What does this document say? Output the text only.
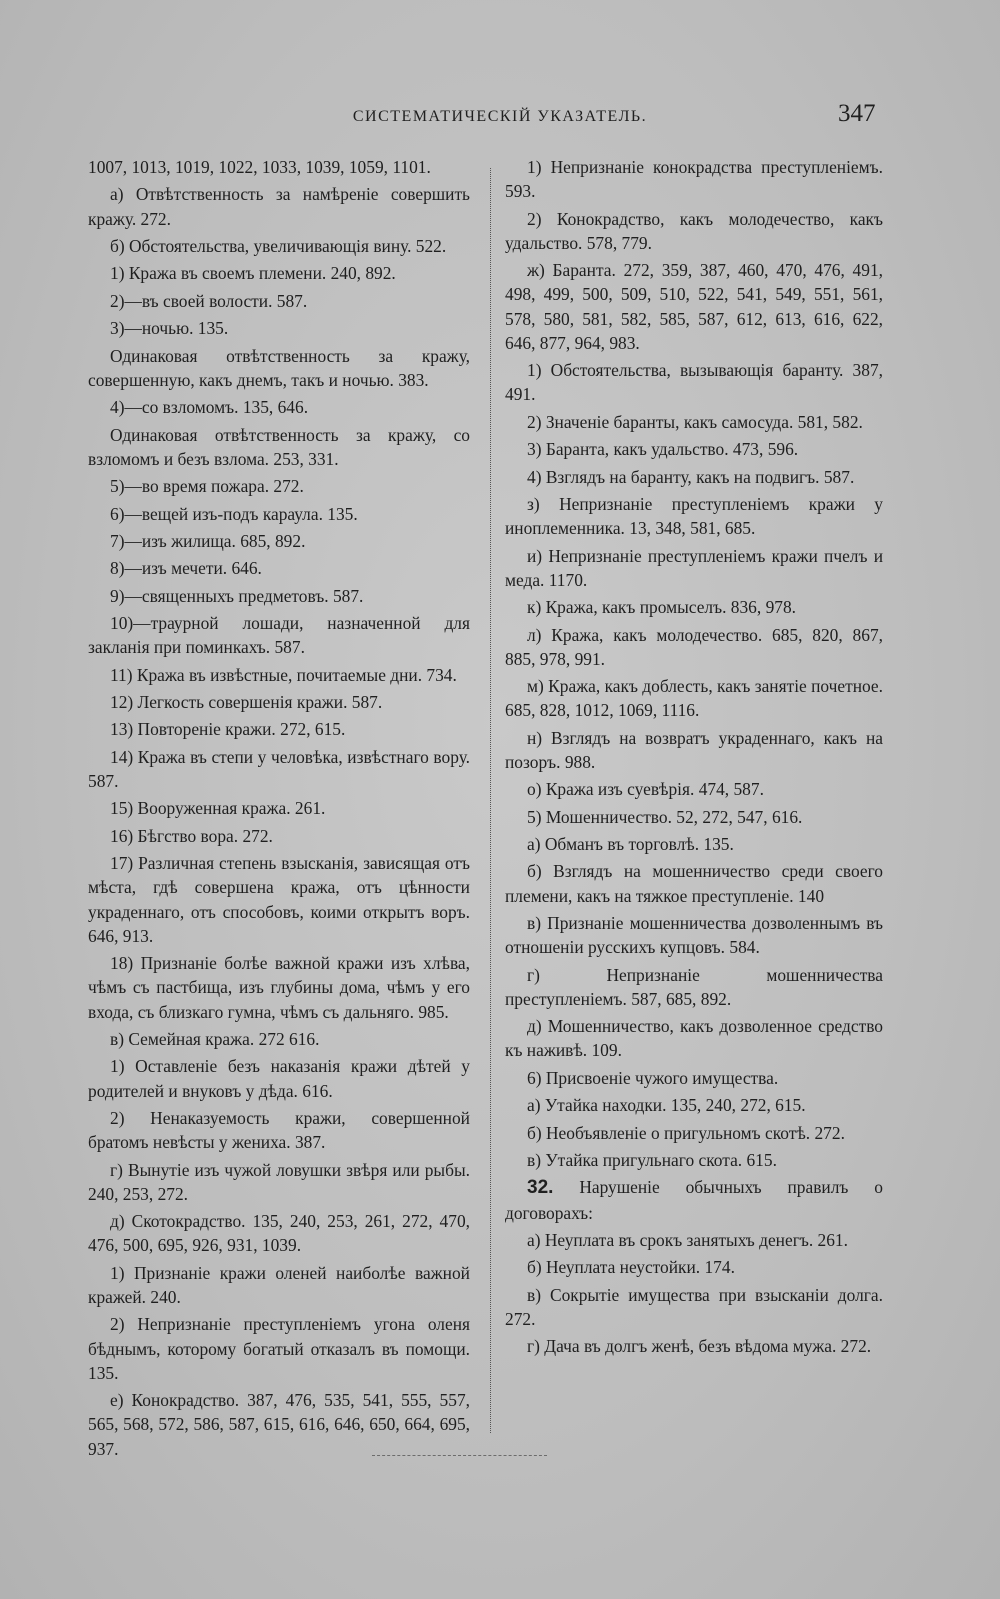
СИСТЕМАТИЧЕСКIЙ УКАЗАТЕЛЬ.	347

1007, 1013, 1019, 1022, 1033, 1039, 1059, 1101.

а) Отвѣтственность за намѣренiе совершить кражу. 272.

б) Обстоятельства, увеличивающiя вину. 522.

1) Кража въ своемъ племени. 240, 892.

2)—въ своей волости. 587.

3)—ночью. 135.

Одинаковая отвѣтственность за кражу, совершенную, какъ днемъ, такъ и ночью. 383.

4)—со взломомъ. 135, 646.

Одинаковая отвѣтственность за кражу, со взломомъ и безъ взлома. 253, 331.

5)—во время пожара. 272.

6)—вещей изъ-подъ караула. 135.

7)—изъ жилища. 685, 892.

8)—изъ мечети. 646.

9)—священныхъ предметовъ. 587.

10)—траурной лошади, назначенной для закланiя при поминкахъ. 587.

11) Кража въ извѣстные, почитаемые дни. 734.

12) Легкость совершенiя кражи. 587.

13) Повторенiе кражи. 272, 615.

14) Кража въ степи у человѣка, извѣстнаго вору. 587.

15) Вооруженная кража. 261.

16) Бѣгство вора. 272.

17) Различная степень взысканiя, зависящая отъ мѣста, гдѣ совершена кража, отъ цѣнности украденнаго, отъ способовъ, коими открытъ воръ. 646, 913.

18) Признанiе болѣе важной кражи изъ хлѣва, чѣмъ съ пастбища, изъ глубины дома, чѣмъ у его входа, съ близкаго гумна, чѣмъ съ дальняго. 985.

в) Семейная кража. 272 616.

1) Оставленiе безъ наказанiя кражи дѣтей у родителей и внуковъ у дѣда. 616.

2) Ненаказуемость кражи, совершенной братомъ невѣсты у жениха. 387.

г) Вынутiе изъ чужой ловушки звѣря или рыбы. 240, 253, 272.

д) Скотокрадство. 135, 240, 253, 261, 272, 470, 476, 500, 695, 926, 931, 1039.

1) Признанiе кражи оленей наиболѣе важной кражей. 240.

2) Непризнанiе преступленiемъ угона оленя бѣднымъ, которому богатый отказалъ въ помощи. 135.

е) Конокрадство. 387, 476, 535, 541, 555, 557, 565, 568, 572, 586, 587, 615, 616, 646, 650, 664, 695, 937.

1) Непризнанiе конокрадства преступленiемъ. 593.

2) Конокрадство, какъ молодечество, какъ удальство. 578, 779.

ж) Баранта. 272, 359, 387, 460, 470, 476, 491, 498, 499, 500, 509, 510, 522, 541, 549, 551, 561, 578, 580, 581, 582, 585, 587, 612, 613, 616, 622, 646, 877, 964, 983.

1) Обстоятельства, вызывающiя баранту. 387, 491.

2) Значенiе баранты, какъ самосуда. 581, 582.

3) Баранта, какъ удальство. 473, 596.

4) Взглядъ на баранту, какъ на подвигъ. 587.

з) Непризнанiе преступленiемъ кражи у иноплеменника. 13, 348, 581, 685.

и) Непризнанiе преступленiемъ кражи пчелъ и меда. 1170.

к) Кража, какъ промыселъ. 836, 978.

л) Кража, какъ молодечество. 685, 820, 867, 885, 978, 991.

м) Кража, какъ доблесть, какъ занятiе почетное. 685, 828, 1012, 1069, 1116.

н) Взглядъ на возвратъ украденнаго, какъ на позоръ. 988.

о) Кража изъ суевѣрiя. 474, 587.

5) Мошенничество. 52, 272, 547, 616.

а) Обманъ въ торговлѣ. 135.

б) Взглядъ на мошенничество среди своего племени, какъ на тяжкое преступленiе. 140

в) Признанiе мошенничества дозволеннымъ въ отношенiи русскихъ купцовъ. 584.

г) Непризнанiе мошенничества преступленiемъ. 587, 685, 892.

д) Мошенничество, какъ дозволенное средство къ наживѣ. 109.

6) Присвоенiе чужого имущества.

а) Утайка находки. 135, 240, 272, 615.

б) Необъявленiе о пригульномъ скотѣ. 272.

в) Утайка пригульнаго скота. 615.

32. Нарушенiе обычныхъ правилъ о договорахъ:

а) Неуплата въ срокъ занятыхъ денегъ. 261.

б) Неуплата неустойки. 174.

в) Сокрытiе имущества при взысканiи долга. 272.

г) Дача въ долгъ женѣ, безъ вѣдома мужа. 272.
